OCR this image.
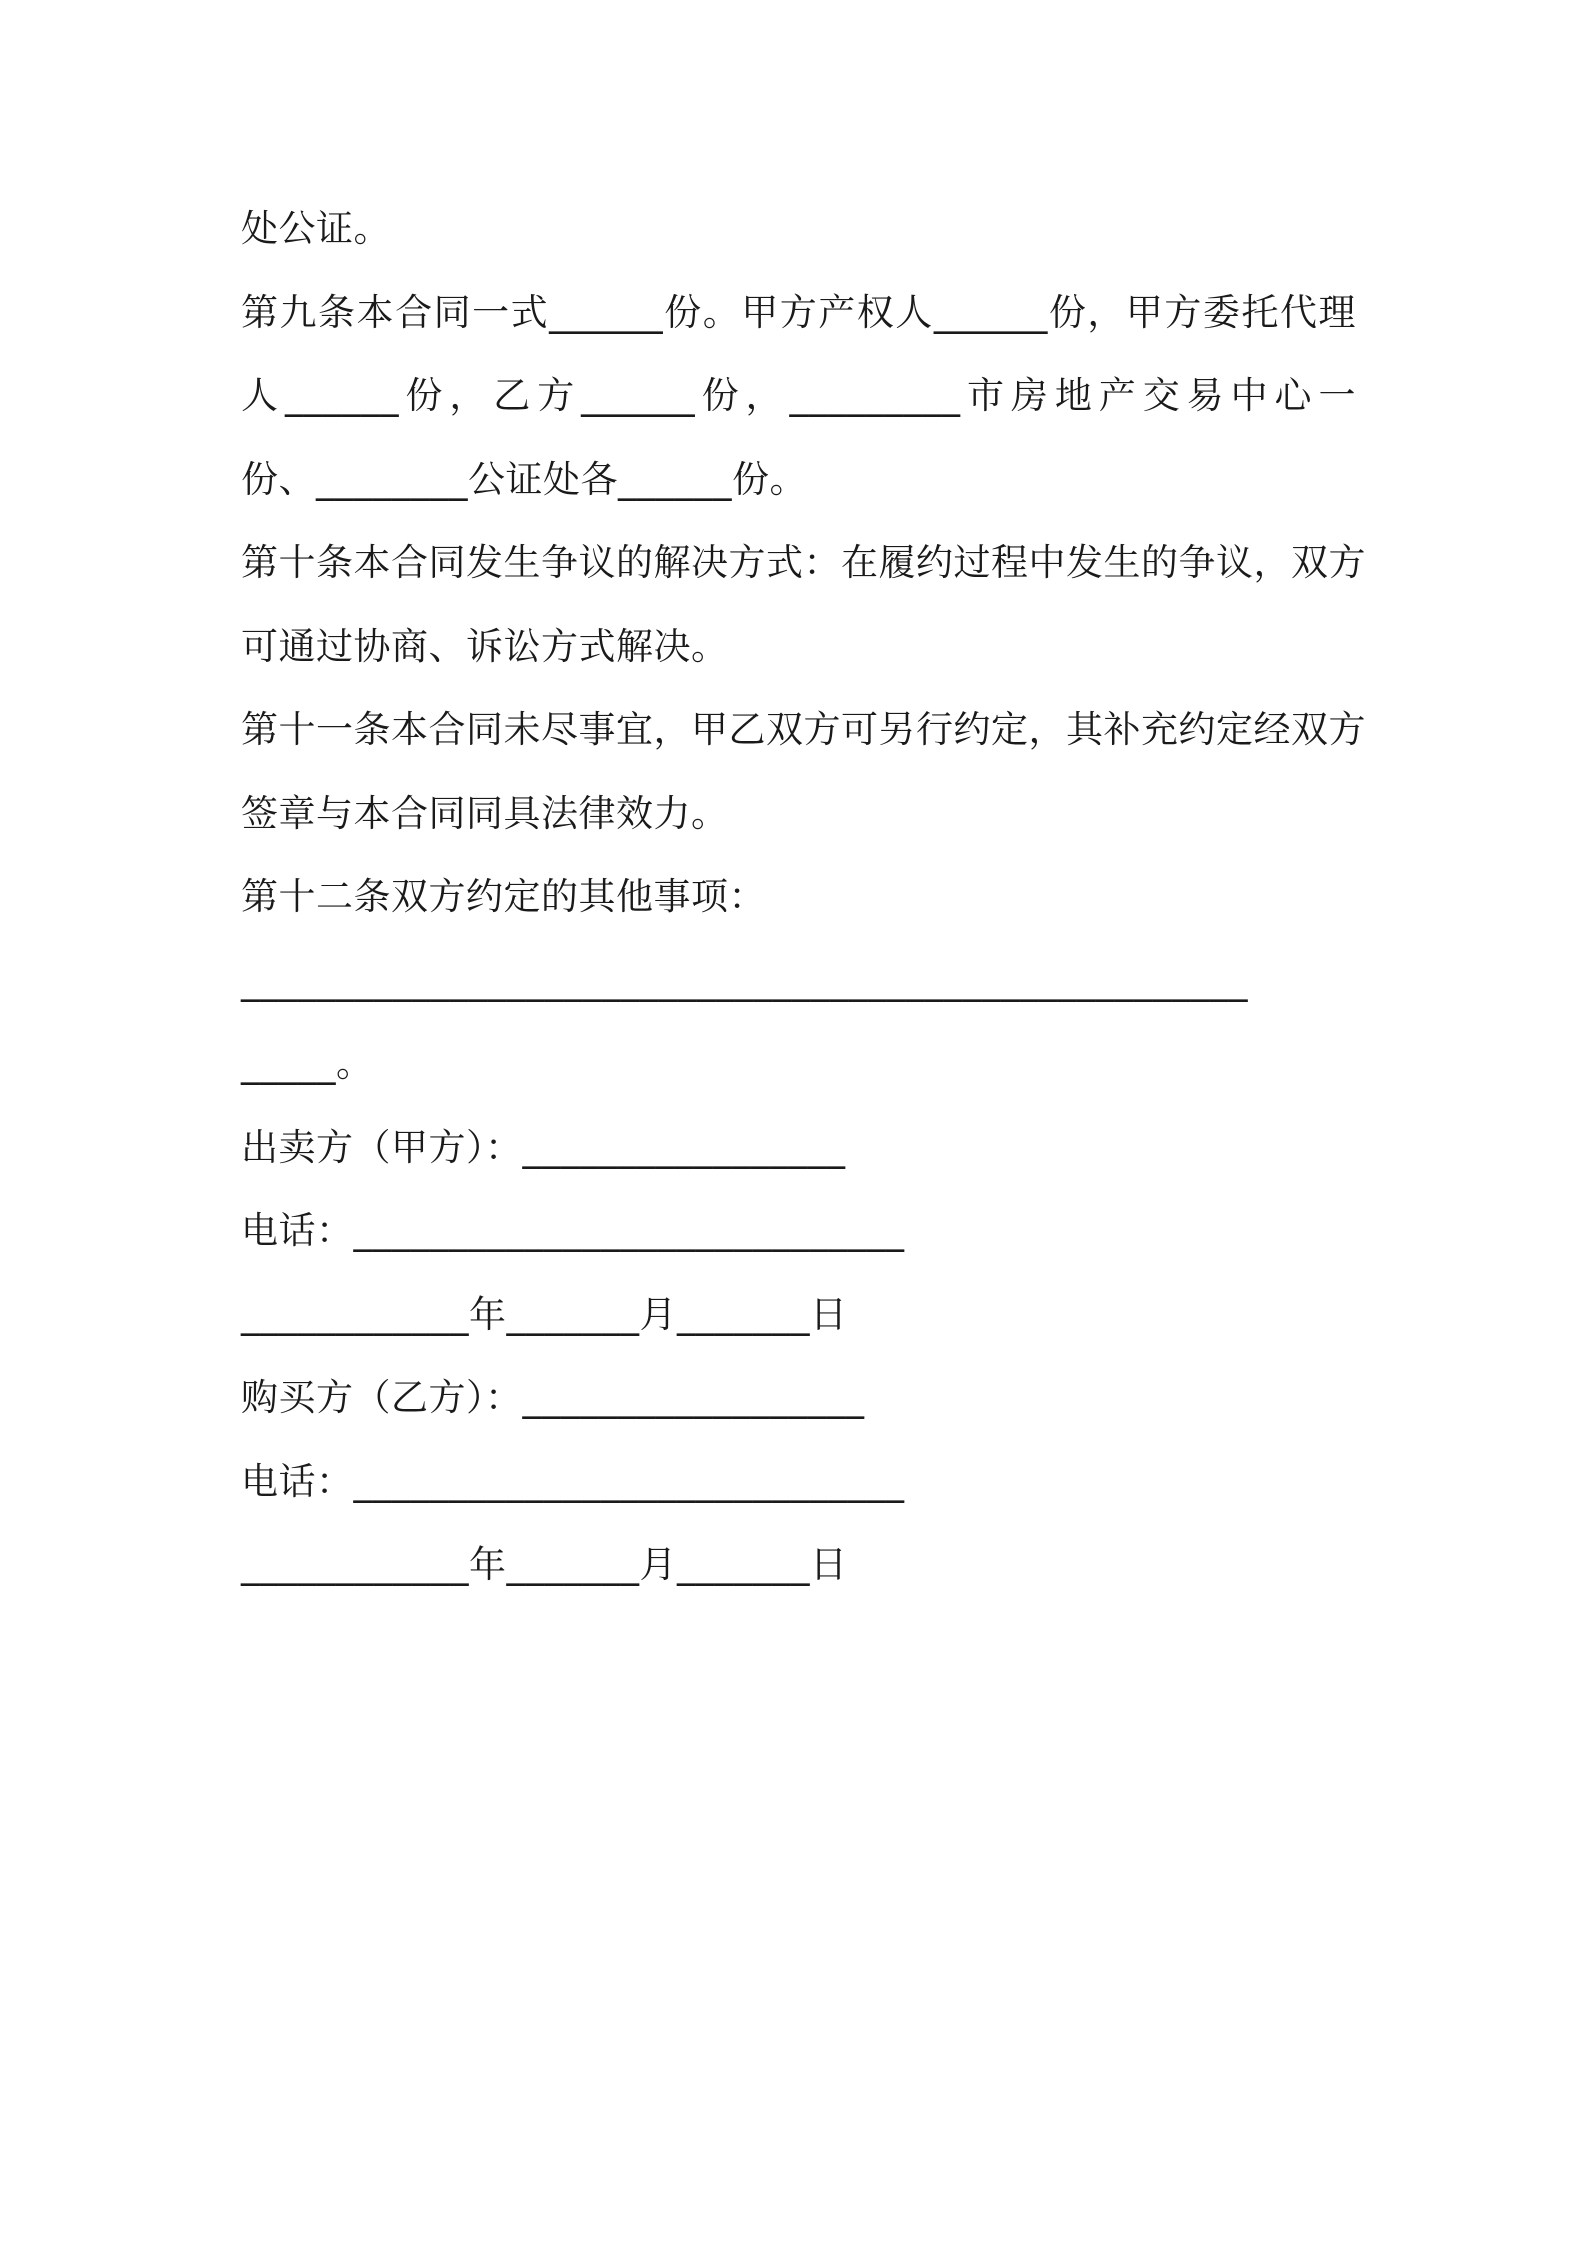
处公证。
第九条本合同一式______份。甲方产权人______份，甲方委托代理
人______份，乙方______份，_________市房地产交易中心一
份、________公证处各______份。
第十条本合同发生争议的解决方式：在履约过程中发生的争议，双方
可通过协商、诉讼方式解决。
第十一条本合同未尽事宜，甲乙双方可另行约定，其补充约定经双方
签章与本合同同具法律效力。
第十二条双方约定的其他事项：
_____________________________________________________
_____。
出卖方（甲方）：_________________
电话：_____________________________
____________年_______月_______日
购买方（乙方）：__________________
电话：_____________________________
____________年_______月_______日
